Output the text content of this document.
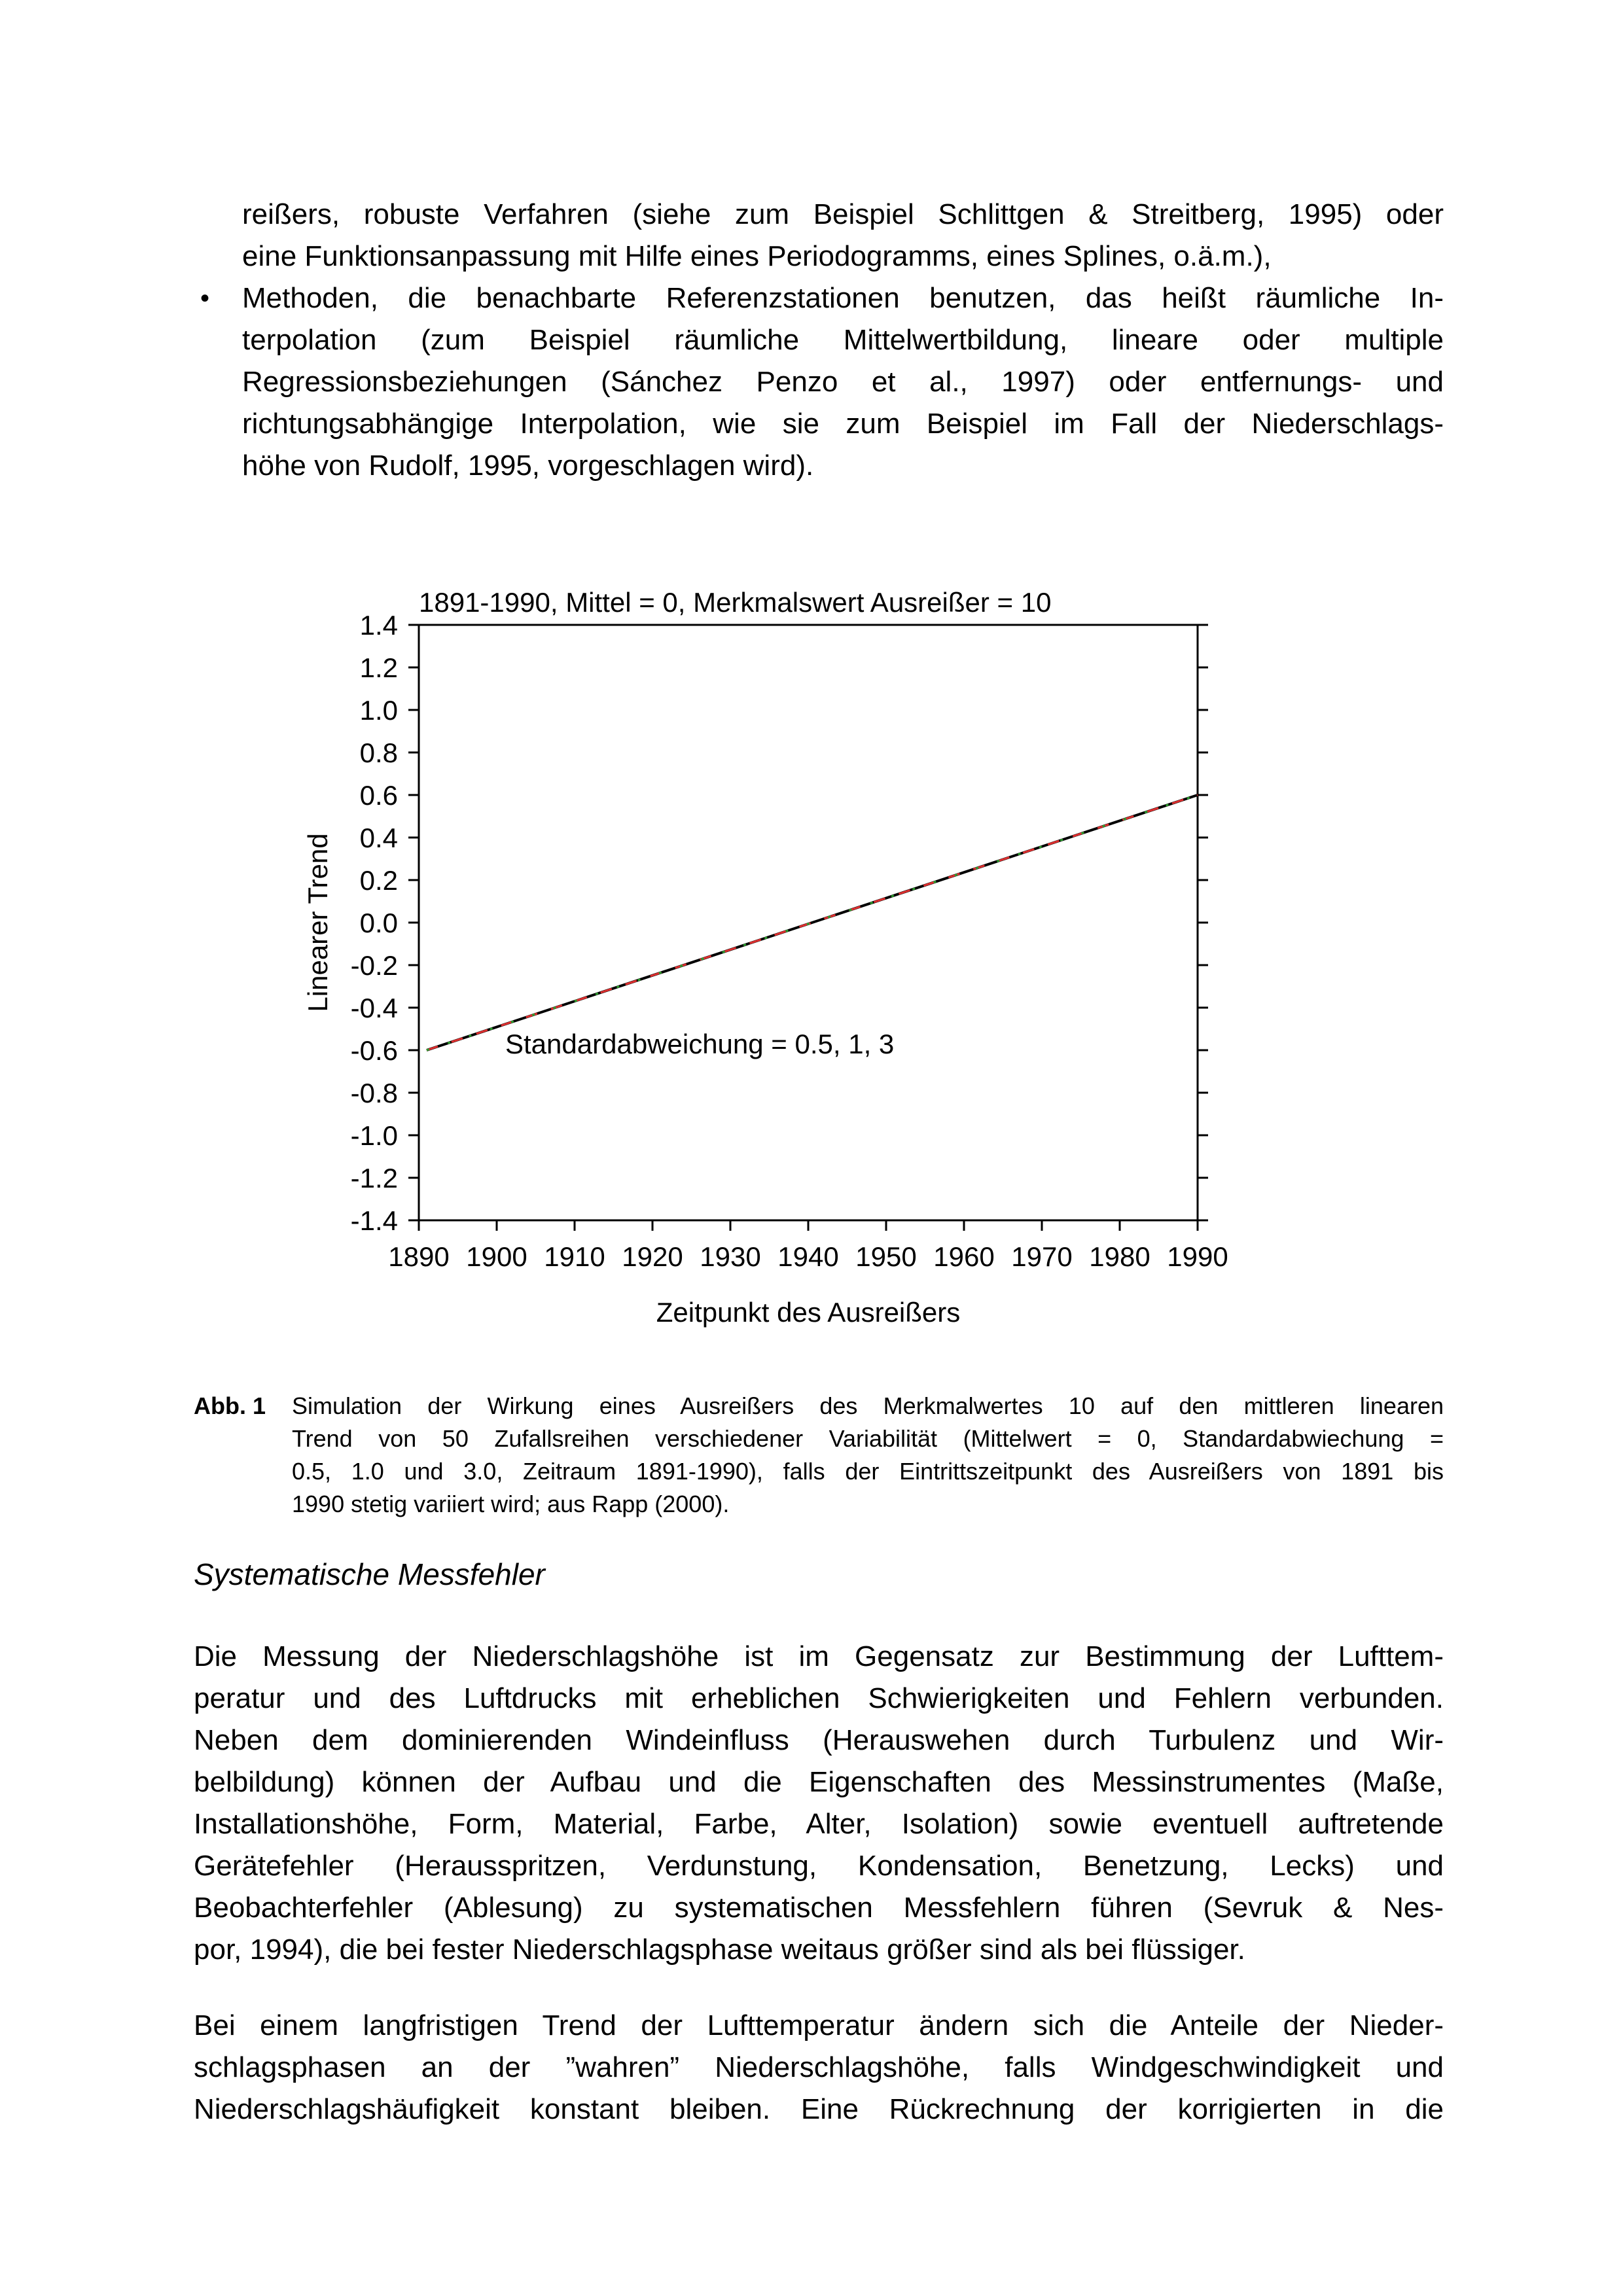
reißers, robuste Verfahren (siehe zum Beispiel Schlittgen & Streitberg, 1995) oder
eine Funktionsanpassung mit Hilfe eines Periodogramms, eines Splines, o.ä.m.),
• Methoden, die benachbarte Referenzstationen benutzen, das heißt räumliche In-
terpolation (zum Beispiel räumliche Mittelwertbildung, lineare oder multiple
Regressionsbeziehungen (Sánchez Penzo et al., 1997) oder entfernungs- und
richtungsabhängige Interpolation, wie sie zum Beispiel im Fall der Niederschlags-
höhe von Rudolf, 1995, vorgeschlagen wird).
1891-1990, Mittel = 0, Merkmalswert Ausreißer = 10
Standardabweichung = 0.5, 1, 3
Zeitpunkt des Ausreißers
Linearer Trend
1.4
1.2
1.0
0.8
0.6
0.4
0.2
0.0
-0.2
-0.4
-0.6
-0.8
-1.0
-1.2
-1.4
1890 1900 1910 1920 1930 1940 1950 1960 1970 1980 1990
Abb. 1	Simulation der Wirkung eines Ausreißers des Merkmalwertes 10 auf den mittleren linearen
Trend von 50 Zufallsreihen verschiedener Variabilität (Mittelwert = 0, Standardabwiechung =
0.5, 1.0 und 3.0, Zeitraum 1891-1990), falls der Eintrittszeitpunkt des Ausreißers von 1891 bis
1990 stetig variiert wird; aus Rapp (2000).
Systematische Messfehler
Die Messung der Niederschlagshöhe ist im Gegensatz zur Bestimmung der Lufttem-
peratur und des Luftdrucks mit erheblichen Schwierigkeiten und Fehlern verbunden.
Neben dem dominierenden Windeinfluss (Herauswehen durch Turbulenz und Wir-
belbildung) können der Aufbau und die Eigenschaften des Messinstrumentes (Maße,
Installationshöhe, Form, Material, Farbe, Alter, Isolation) sowie eventuell auftretende
Gerätefehler (Herausspritzen, Verdunstung, Kondensation, Benetzung, Lecks) und
Beobachterfehler (Ablesung) zu systematischen Messfehlern führen (Sevruk & Nes-
por, 1994), die bei fester Niederschlagsphase weitaus größer sind als bei flüssiger.
Bei einem langfristigen Trend der Lufttemperatur ändern sich die Anteile der Nieder-
schlagsphasen an der ”wahren” Niederschlagshöhe, falls Windgeschwindigkeit und
Niederschlagshäufigkeit konstant bleiben. Eine Rückrechnung der korrigierten in die
